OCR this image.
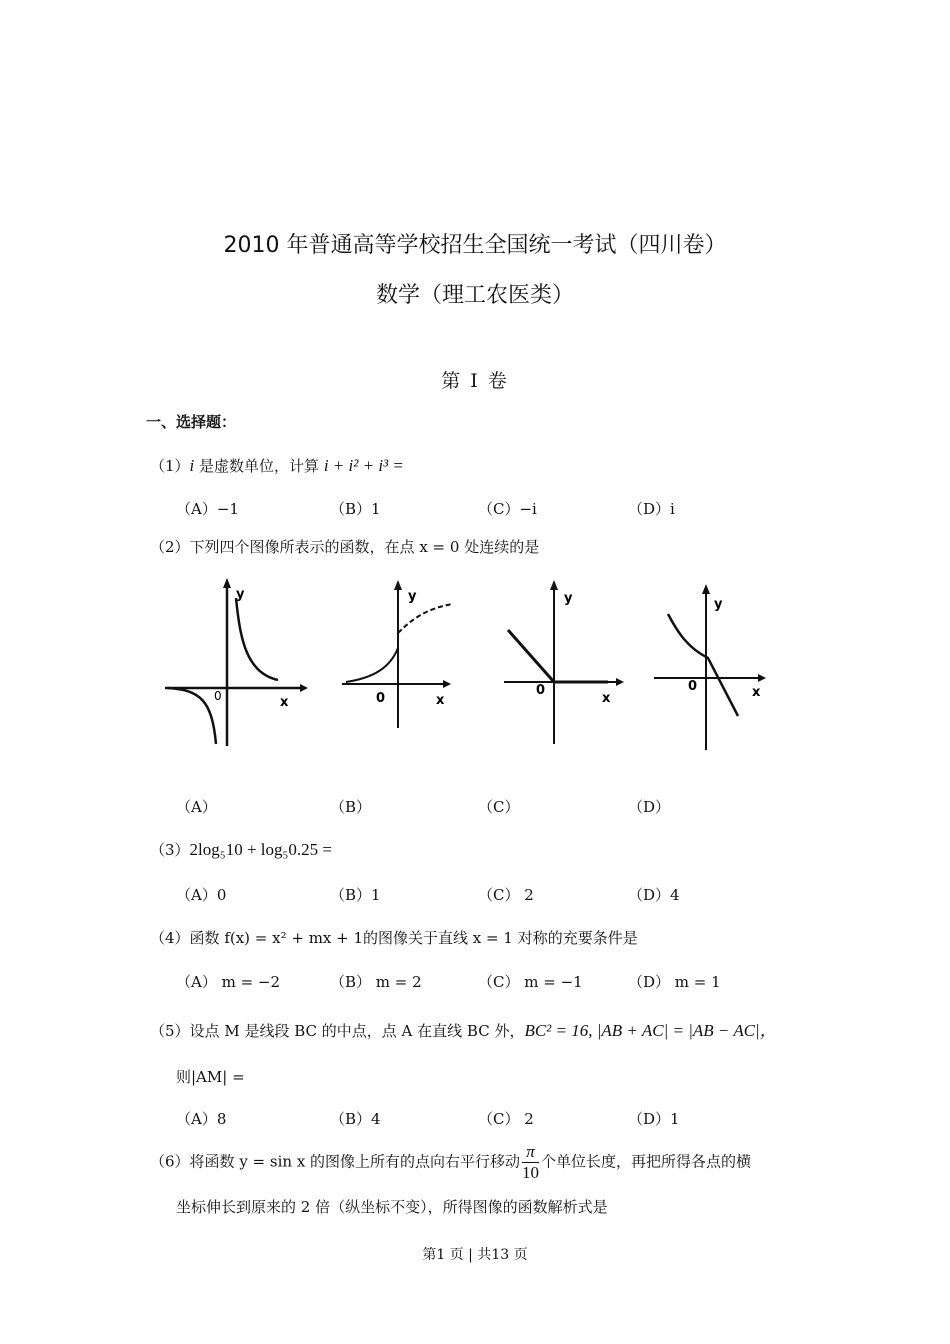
2010 年普通高等学校招生全国统一考试（四川卷）
数学（理工农医类）
第 Ⅰ 卷
一、选择题：
（1）i 是虚数单位，计算 i + i² + i³ =
（A）−1	（B）1	（C）−i	（D）i
（2）下列四个图像所表示的函数，在点 x = 0 处连续的是
y
x
0
y
x
0
y
x
0
y
x
0
（A）	（B）	（C）	（D）
（3）2log₅10 + log₅0.25 =
（A）0	（B）1	（C） 2	（D）4
（4）函数 f(x) = x² + mx + 1的图像关于直线 x = 1 对称的充要条件是
（A） m = −2	（B） m = 2	（C） m = −1	（D） m = 1
（5）设点 M 是线段 BC 的中点，点 A 在直线 BC 外，BC² = 16, |AB + AC| = |AB − AC|，
则|AM| =
（A）8	（B）4	（C） 2	（D）1
（6）将函数 y = sin x 的图像上所有的点向右平行移动 $\frac{\pi}{10}$ 个单位长度，再把所得各点的横
坐标伸长到原来的 2 倍（纵坐标不变），所得图像的函数解析式是
第1 页 | 共13 页
